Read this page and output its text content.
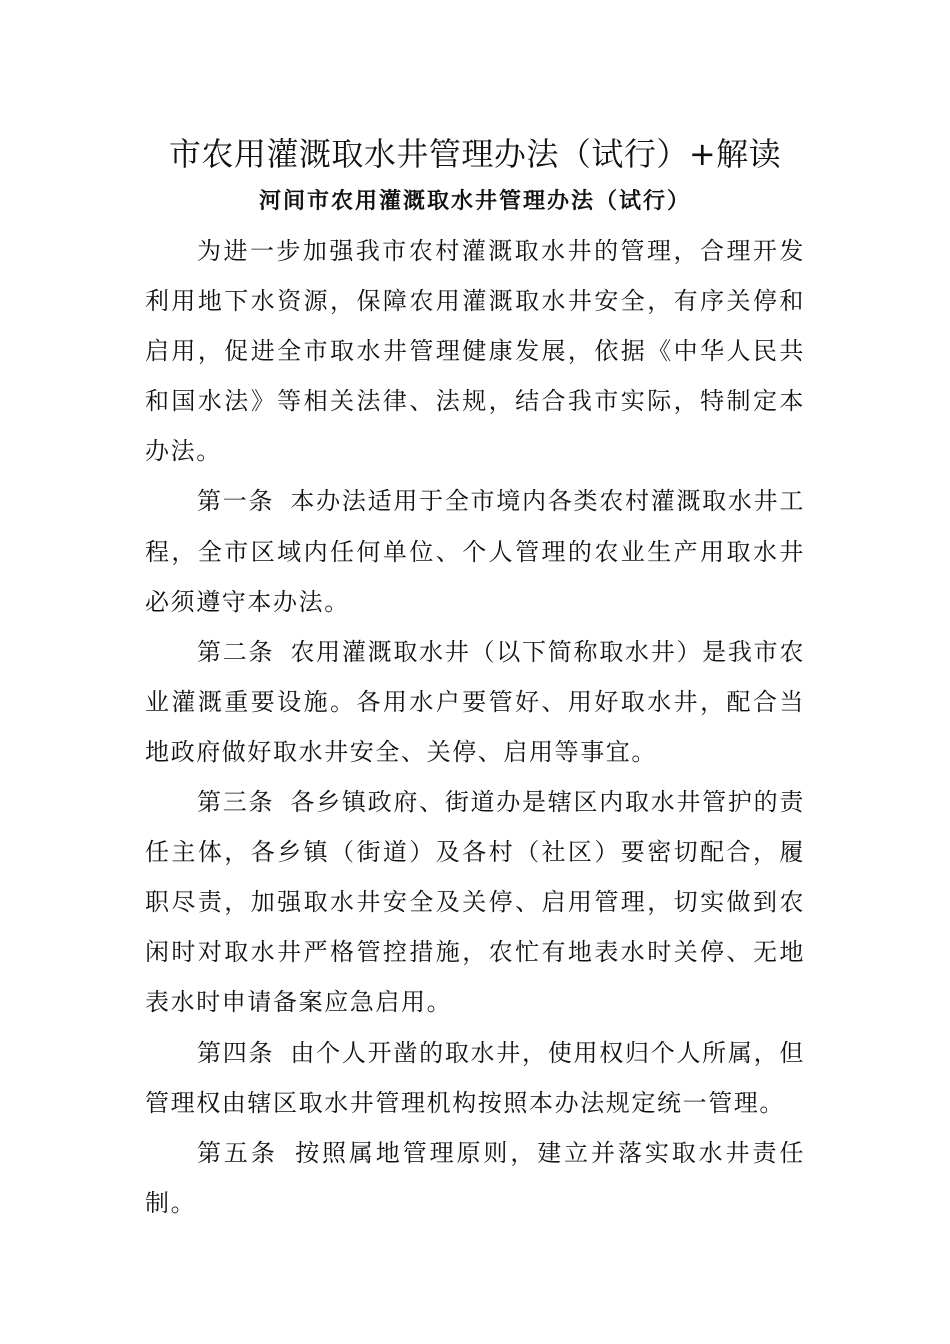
市农用灌溉取水井管理办法（试行）+解读
河间市农用灌溉取水井管理办法（试行）

为进一步加强我市农村灌溉取水井的管理，合理开发利用地下水资源，保障农用灌溉取水井安全，有序关停和启用，促进全市取水井管理健康发展，依据《中华人民共和国水法》等相关法律、法规，结合我市实际，特制定本办法。

第一条 本办法适用于全市境内各类农村灌溉取水井工程，全市区域内任何单位、个人管理的农业生产用取水井必须遵守本办法。

第二条 农用灌溉取水井（以下简称取水井）是我市农业灌溉重要设施。各用水户要管好、用好取水井，配合当地政府做好取水井安全、关停、启用等事宜。

第三条 各乡镇政府、街道办是辖区内取水井管护的责任主体，各乡镇（街道）及各村（社区）要密切配合，履职尽责，加强取水井安全及关停、启用管理，切实做到农闲时对取水井严格管控措施，农忙有地表水时关停、无地表水时申请备案应急启用。

第四条 由个人开凿的取水井，使用权归个人所属，但管理权由辖区取水井管理机构按照本办法规定统一管理。

第五条 按照属地管理原则，建立并落实取水井责任制。
